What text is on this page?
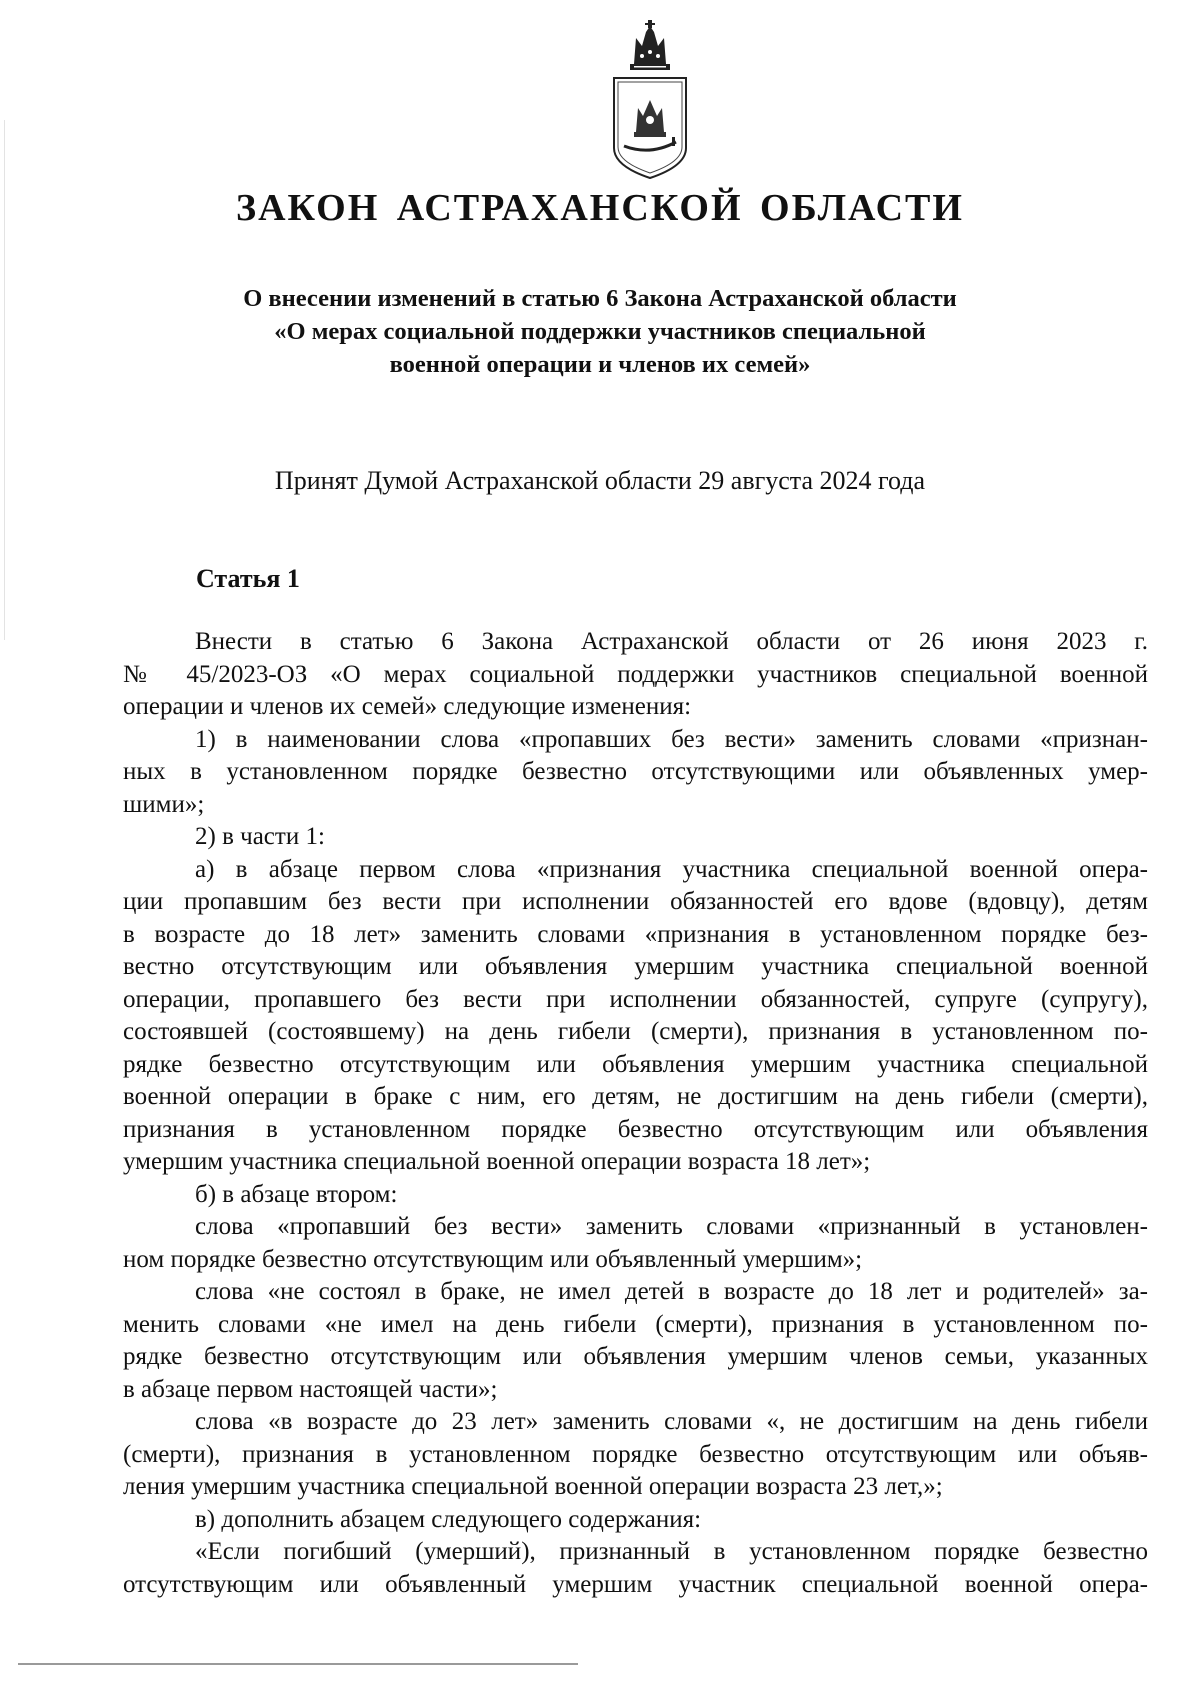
ЗАКОН АСТРАХАНСКОЙ ОБЛАСТИ
О внесении изменений в статью 6 Закона Астраханской области
«О мерах социальной поддержки участников специальной
военной операции и членов их семей»
Принят Думой Астраханской области 29 августа 2024 года
Статья 1
Внести в статью 6 Закона Астраханской области от 26 июня 2023 г.
№ 45/2023-ОЗ «О мерах социальной поддержки участников специальной военной
операции и членов их семей» следующие изменения:
1) в наименовании слова «пропавших без вести» заменить словами «признан-
ных в установленном порядке безвестно отсутствующими или объявленных умер-
шими»;
2) в части 1:
а) в абзаце первом слова «признания участника специальной военной опера-
ции пропавшим без вести при исполнении обязанностей его вдове (вдовцу), детям
в возрасте до 18 лет» заменить словами «признания в установленном порядке без-
вестно отсутствующим или объявления умершим участника специальной военной
операции, пропавшего без вести при исполнении обязанностей, супруге (супругу),
состоявшей (состоявшему) на день гибели (смерти), признания в установленном по-
рядке безвестно отсутствующим или объявления умершим участника специальной
военной операции в браке с ним, его детям, не достигшим на день гибели (смерти),
признания в установленном порядке безвестно отсутствующим или объявления
умершим участника специальной военной операции возраста 18 лет»;
б) в абзаце втором:
слова «пропавший без вести» заменить словами «признанный в установлен-
ном порядке безвестно отсутствующим или объявленный умершим»;
слова «не состоял в браке, не имел детей в возрасте до 18 лет и родителей» за-
менить словами «не имел на день гибели (смерти), признания в установленном по-
рядке безвестно отсутствующим или объявления умершим членов семьи, указанных
в абзаце первом настоящей части»;
слова «в возрасте до 23 лет» заменить словами «, не достигшим на день гибели
(смерти), признания в установленном порядке безвестно отсутствующим или объяв-
ления умершим участника специальной военной операции возраста 23 лет,»;
в) дополнить абзацем следующего содержания:
«Если погибший (умерший), признанный в установленном порядке безвестно
отсутствующим или объявленный умершим участник специальной военной опера-
